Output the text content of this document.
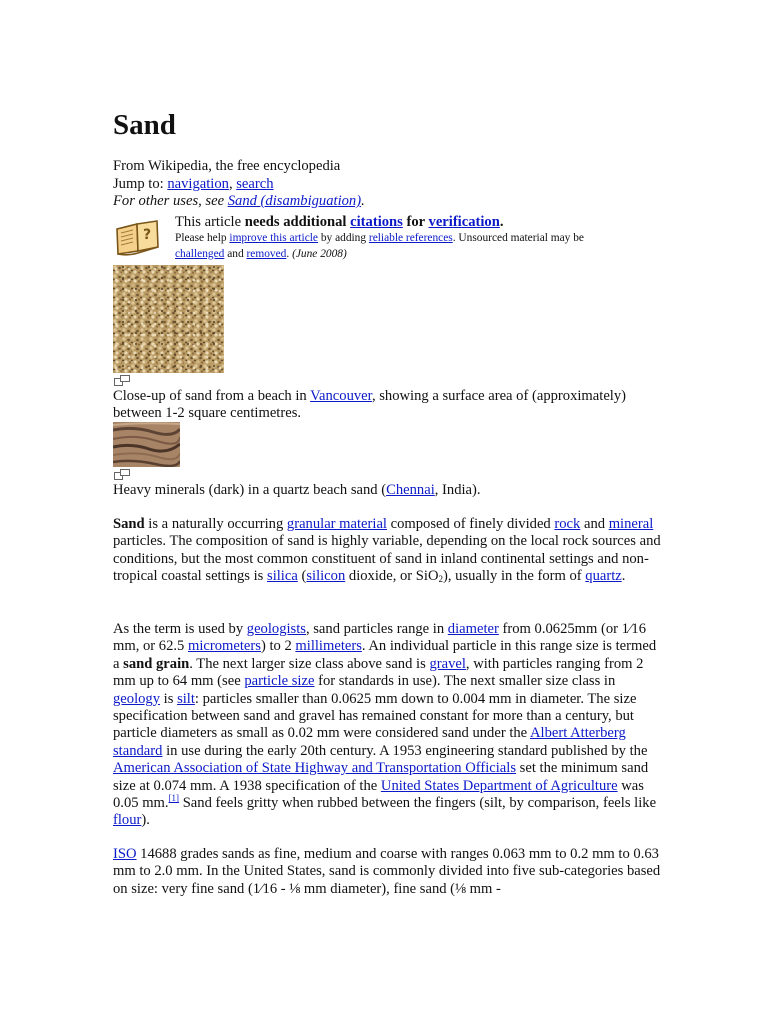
Sand
From Wikipedia, the free encyclopedia
Jump to: navigation, search
For other uses, see Sand (disambiguation).
?
This article needs additional citations for verification.
Please help improve this article by adding reliable references. Unsourced material may be
challenged and removed. (June 2008)
Close-up of sand from a beach in Vancouver, showing a surface area of (approximately) between 1-2 square centimetres.
Heavy minerals (dark) in a quartz beach sand (Chennai, India).

Sand is a naturally occurring granular material composed of finely divided rock and mineral particles. The composition of sand is highly variable, depending on the local rock sources and conditions, but the most common constituent of sand in inland continental settings and non-tropical coastal settings is silica (silicon dioxide, or SiO$_2$), usually in the form of quartz.

As the term is used by geologists, sand particles range in diameter from 0.0625mm (or 1⁄16 mm, or 62.5 micrometers) to 2 millimeters. An individual particle in this range size is termed a sand grain. The next larger size class above sand is gravel, with particles ranging from 2 mm up to 64 mm (see particle size for standards in use). The next smaller size class in geology is silt: particles smaller than 0.0625 mm down to 0.004 mm in diameter. The size specification between sand and gravel has remained constant for more than a century, but particle diameters as small as 0.02 mm were considered sand under the Albert Atterberg standard in use during the early 20th century. A 1953 engineering standard published by the American Association of State Highway and Transportation Officials set the minimum sand size at 0.074 mm. A 1938 specification of the United States Department of Agriculture was 0.05 mm.[1] Sand feels gritty when rubbed between the fingers (silt, by comparison, feels like flour).

ISO 14688 grades sands as fine, medium and coarse with ranges 0.063 mm to 0.2 mm to 0.63 mm to 2.0 mm. In the United States, sand is commonly divided into five sub-categories based on size: very fine sand (1⁄16 - ⅛ mm diameter), fine sand (⅛ mm -
